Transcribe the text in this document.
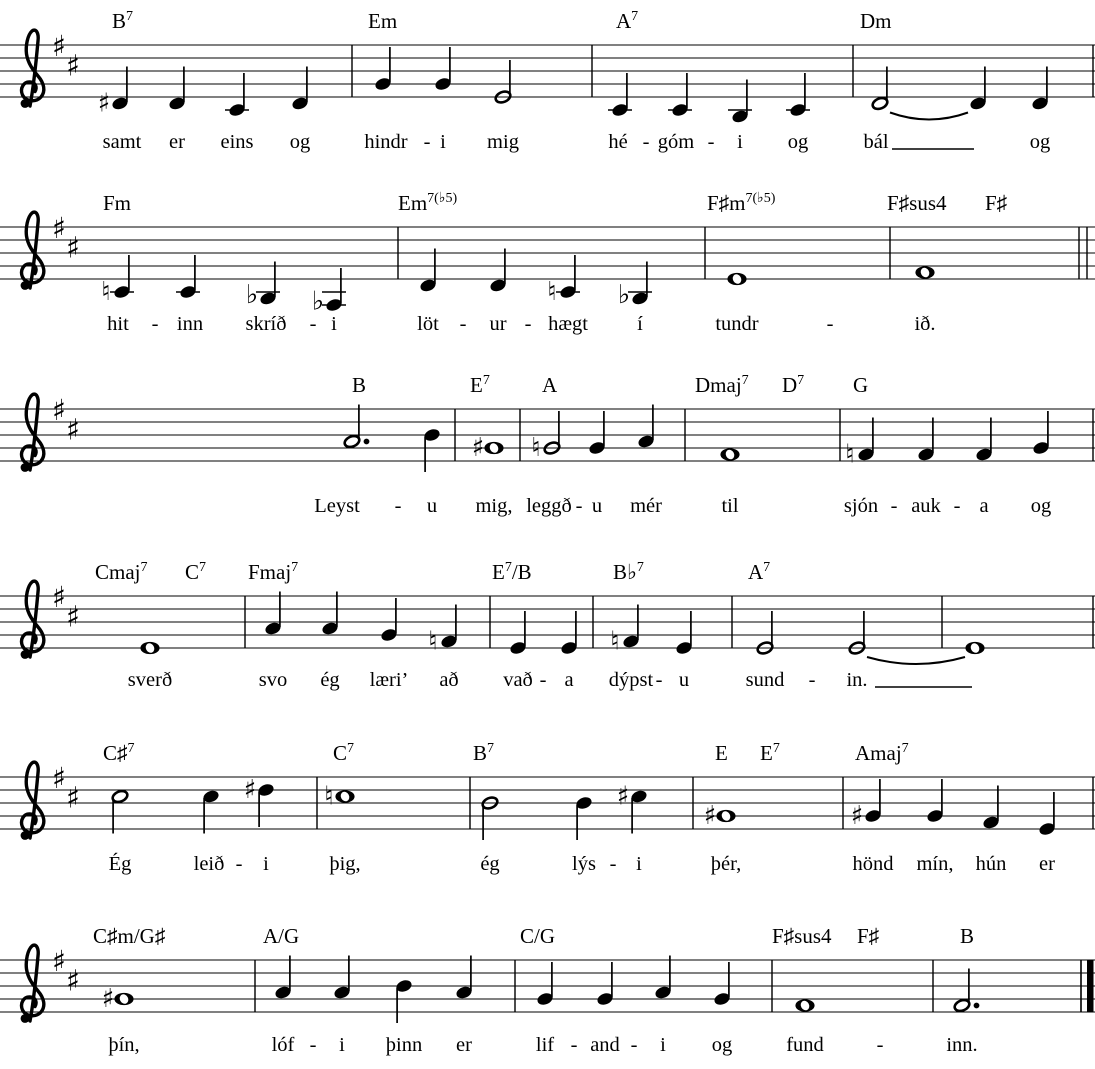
♯
♯
$B^7$	Em	$A^7$	Dm
♯
samt er eins og	hindr - i mig	hé - góm - i og	bál	og
♯
♯
Fm	$Em^{7(♭5)}$	$F♯m^{7(♭5)}$	F♯sus4 F♯
♮	♭ ♭	♮ ♭
hit - inn skríð - i	löt - ur - hægt í	tundr	-	ið.
♯
♯
B	$E^7$ A	Dmaj$^7$ $D^7$ G
♯ ♮	♮
Leyst - u mig, leggð - u mér	til	sjón - auk - a og
♯
♯
Cmaj$^7$ $C^7$ Fmaj$^7$	$E^7/B$	B♭$^7$	$A^7$
♮	♮
sverð	svo ég læri’ að vað - a dýpst - u	sund - in.
♯
♯
C♯$^7$	$C^7$	$B^7$	E $E^7$	Amaj$^7$
♯	♮	♯
♯	♯
Ég	leið - i	þig,	ég	lýs - i	þér,	hönd mín, hún er
♯
♯
C♯m/G♯	A/G	C/G	F♯sus4 F♯	B
♯
þín,	lóf - i þinn er	lif - and - i og	fund	-	inn.
